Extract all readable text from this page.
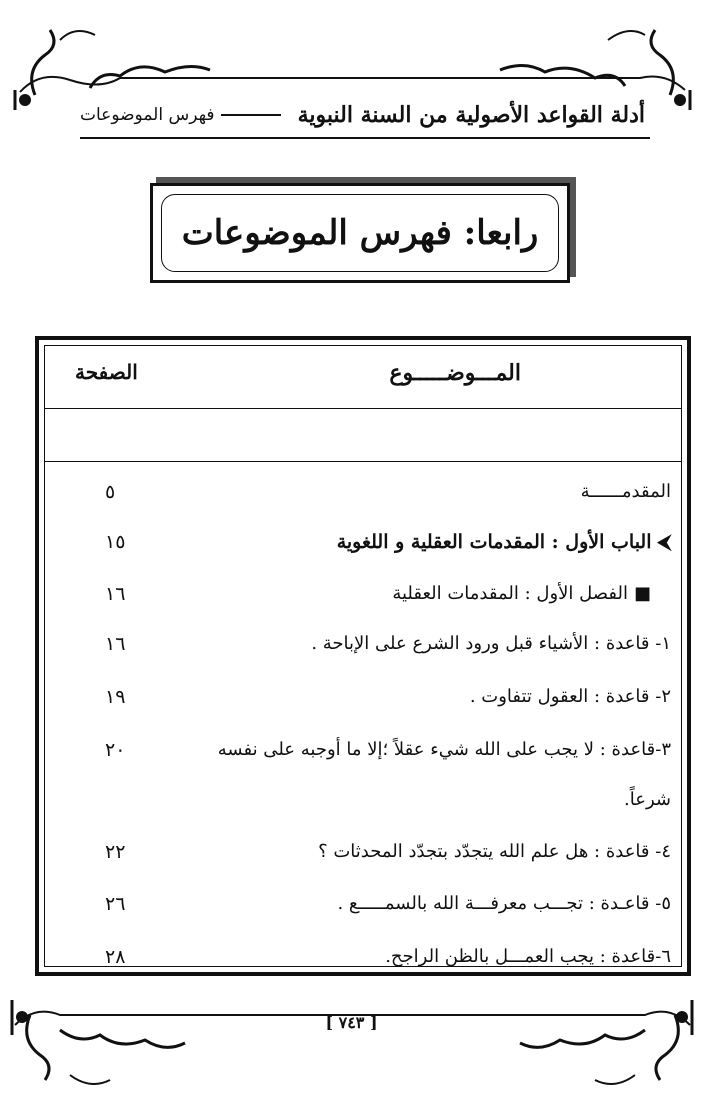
أدلة القواعد الأصولية من السنة النبوية
فهرس الموضوعات
رابعا: فهرس الموضوعات
المـــوضـــــوع
الصفحة
المقدمــــــة
٥
⮜الباب الأول : المقدمات العقلية و اللغوية
١٥
■الفصل الأول : المقدمات العقلية
١٦
١- قاعدة : الأشياء قبل ورود الشرع على الإباحة .
١٦
٢- قاعدة : العقول تتفاوت .
١٩
٣-قاعدة : لا يجب على الله شيء عقلاً ؛إلا ما أوجبه على نفسه
٢٠
شرعاً.
٤- قاعدة : هل علم الله يتجدّد بتجدّد المحدثات ؟
٢٢
٥- قاعـدة : تجـــب معرفـــة الله بالسمـــــع .
٢٦
٦-قاعدة : يجب العمـــل بالظن الراجح.
٢٨
[ ٧٤٣ ]
